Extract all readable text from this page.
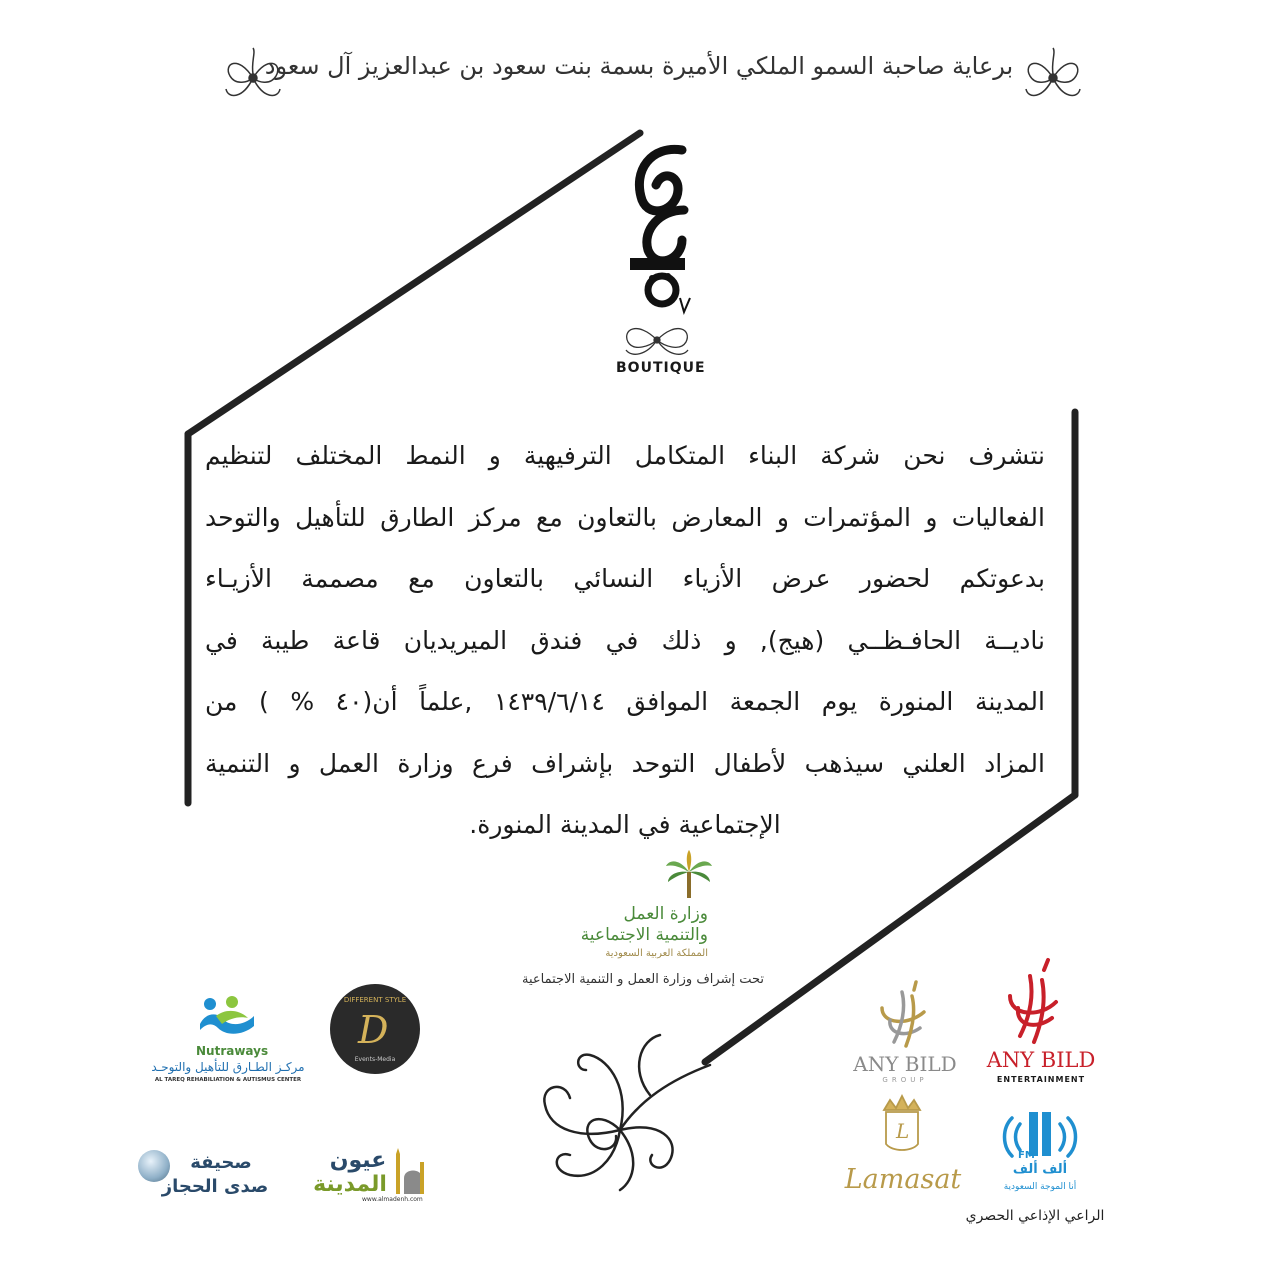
برعاية صاحبة السمو الملكي الأميرة بسمة بنت سعود بن عبدالعزيز آل سعود
BOUTIQUE
نتشرف نحن شركة البناء المتكامل الترفيهية و النمط المختلف لتنظيم
الفعاليات و المؤتمرات و المعارض بالتعاون مع مركز الطارق للتأهيل والتوحد
بدعوتكم لحضور عرض الأزياء النسائي بالتعاون مع مصممة الأزيـاء
ناديــة الحافـظــي (هيج), و ذلك في فندق الميريديان قاعة طيبة في
المدينة المنورة يوم الجمعة الموافق ١٤٣٩/٦/١٤ ,علماً أن(٤٠ % ) من
المزاد العلني سيذهب لأطفال التوحد بإشراف فرع وزارة العمل و التنمية
الإجتماعية في المدينة المنورة.
وزارة العمل
والتنمية الاجتماعية
المملكة العربية السعودية
تحت إشراف وزارة العمل و التنمية الاجتماعية
Nutraways
مركـز الطـارق للتأهيل والتوحـد
AL TAREQ REHABILIATION & AUTISMUS CENTER
DIFFERENT STYLE
D
Events-Media	ANY BILD
ENTERTAINMENT
ANY BILD
GROUP
L
Lamasat
FM
ألف ألف
أنا الموجة السعودية
الراعي الإذاعي الحصري
صحيفة
صدى الحجاز
عيون
المدينة
www.almadenh.com
